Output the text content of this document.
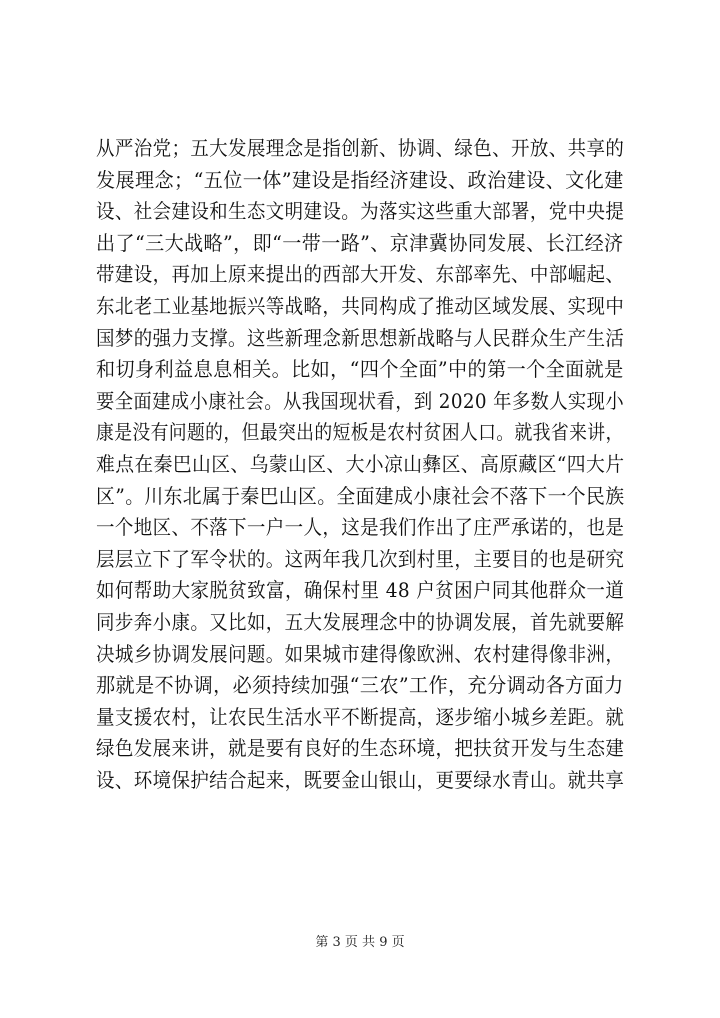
从严治党；五大发展理念是指创新、协调、绿色、开放、共享的
发展理念；“五位一体”建设是指经济建设、政治建设、文化建
设、社会建设和生态文明建设。为落实这些重大部署，党中央提
出了“三大战略”，即“一带一路”、京津冀协同发展、长江经济
带建设，再加上原来提出的西部大开发、东部率先、中部崛起、
东北老工业基地振兴等战略，共同构成了推动区域发展、实现中
国梦的强力支撑。这些新理念新思想新战略与人民群众生产生活
和切身利益息息相关。比如，“四个全面”中的第一个全面就是
要全面建成小康社会。从我国现状看，到 2020 年多数人实现小
康是没有问题的，但最突出的短板是农村贫困人口。就我省来讲，
难点在秦巴山区、乌蒙山区、大小凉山彝区、高原藏区“四大片
区”。川东北属于秦巴山区。全面建成小康社会不落下一个民族
一个地区、不落下一户一人，这是我们作出了庄严承诺的，也是
层层立下了军令状的。这两年我几次到村里，主要目的也是研究
如何帮助大家脱贫致富，确保村里 48 户贫困户同其他群众一道
同步奔小康。又比如，五大发展理念中的协调发展，首先就要解
决城乡协调发展问题。如果城市建得像欧洲、农村建得像非洲，
那就是不协调，必须持续加强“三农”工作，充分调动各方面力
量支援农村，让农民生活水平不断提高，逐步缩小城乡差距。就
绿色发展来讲，就是要有良好的生态环境，把扶贫开发与生态建
设、环境保护结合起来，既要金山银山，更要绿水青山。就共享
第 3 页 共 9 页
